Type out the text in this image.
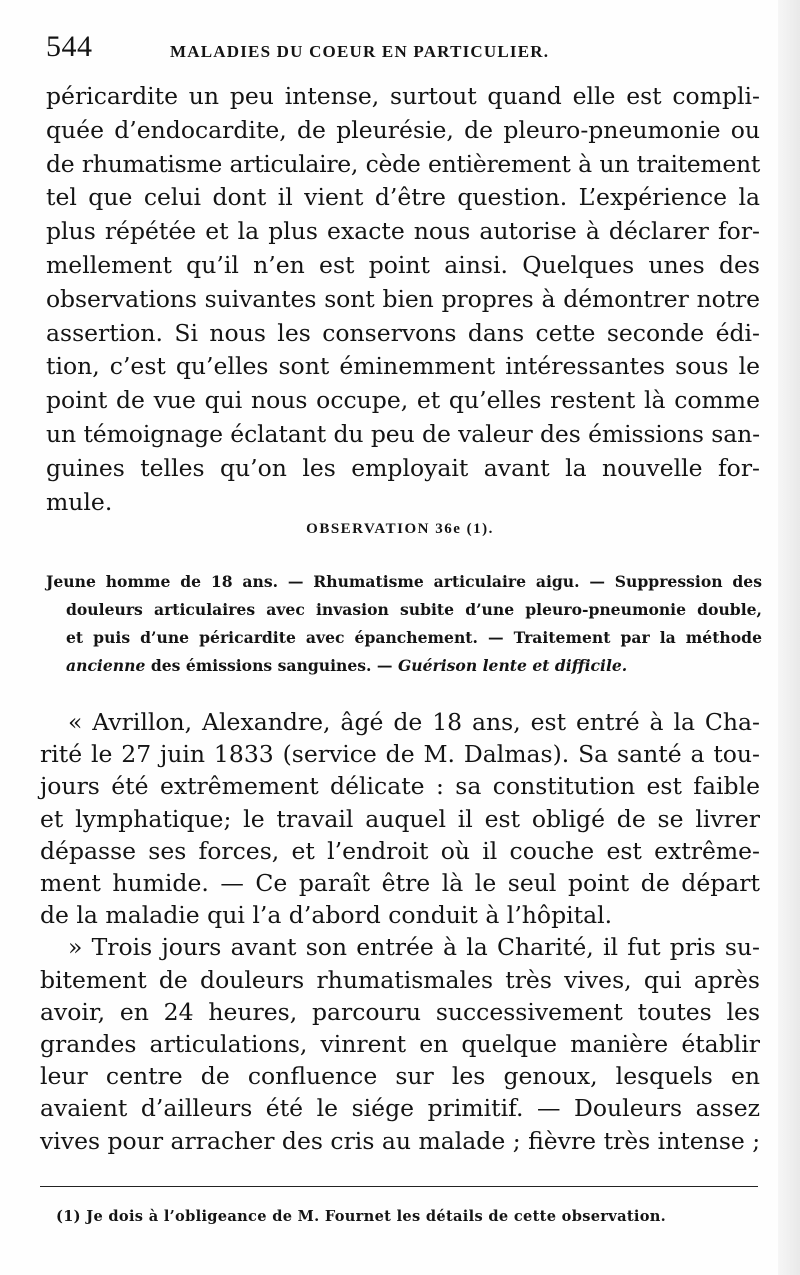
544	MALADIES DU COEUR EN PARTICULIER.
péricardite un peu intense, surtout quand elle est compli-
quée d’endocardite, de pleurésie, de pleuro-pneumonie ou
de rhumatisme articulaire, cède entièrement à un traitement
tel que celui dont il vient d’être question. L’expérience la
plus répétée et la plus exacte nous autorise à déclarer for-
mellement qu’il n’en est point ainsi. Quelques unes des
observations suivantes sont bien propres à démontrer notre
assertion. Si nous les conservons dans cette seconde édi-
tion, c’est qu’elles sont éminemment intéressantes sous le
point de vue qui nous occupe, et qu’elles restent là comme
un témoignage éclatant du peu de valeur des émissions san-
guines telles qu’on les employait avant la nouvelle for-
mule.
OBSERVATION 36e (1).
Jeune homme de 18 ans. — Rhumatisme articulaire aigu. — Suppression des
douleurs articulaires avec invasion subite d’une pleuro-pneumonie double,
et puis d’une péricardite avec épanchement. — Traitement par la méthode
ancienne des émissions sanguines. — Guérison lente et difficile.
« Avrillon, Alexandre, âgé de 18 ans, est entré à la Cha-
rité le 27 juin 1833 (service de M. Dalmas). Sa santé a tou-
jours été extrêmement délicate : sa constitution est faible
et lymphatique; le travail auquel il est obligé de se livrer
dépasse ses forces, et l’endroit où il couche est extrême-
ment humide. — Ce paraît être là le seul point de départ
de la maladie qui l’a d’abord conduit à l’hôpital.
» Trois jours avant son entrée à la Charité, il fut pris su-
bitement de douleurs rhumatismales très vives, qui après
avoir, en 24 heures, parcouru successivement toutes les
grandes articulations, vinrent en quelque manière établir
leur centre de confluence sur les genoux, lesquels en
avaient d’ailleurs été le siége primitif. — Douleurs assez
vives pour arracher des cris au malade ; fièvre très intense ;
(1) Je dois à l’obligeance de M. Fournet les détails de cette observation.
